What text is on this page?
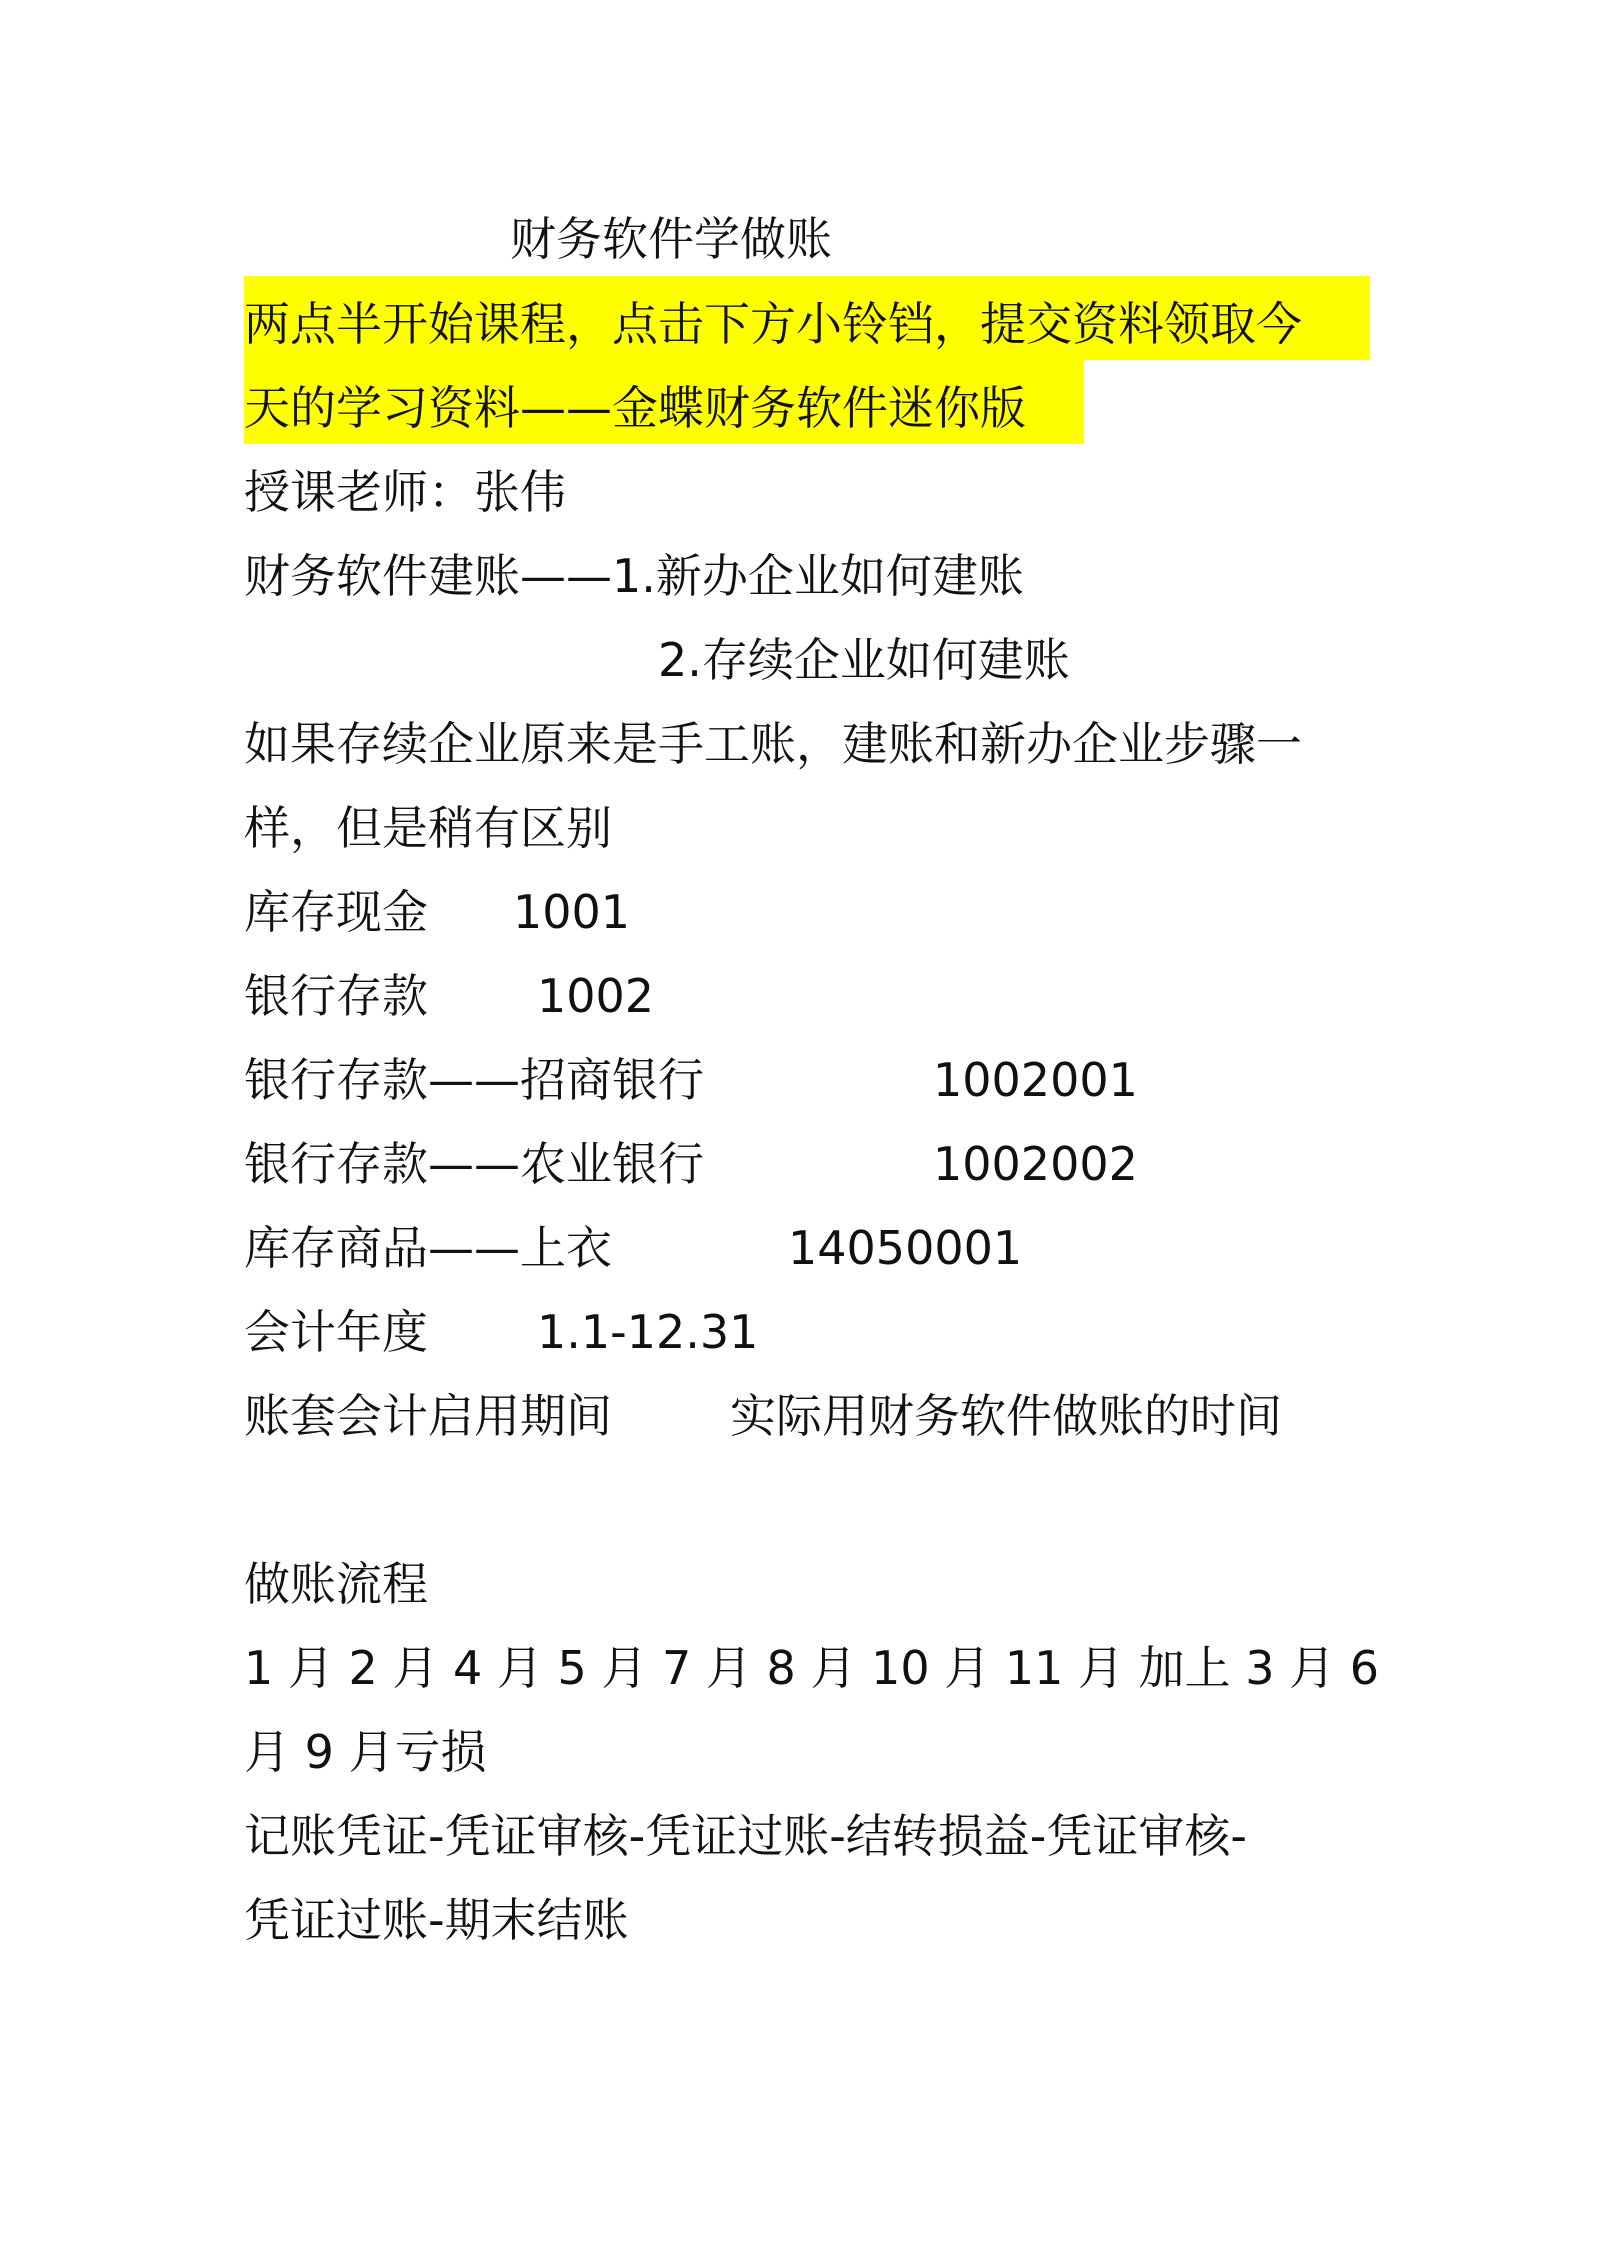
财务软件学做账
两点半开始课程，点击下方小铃铛，提交资料领取今
天的学习资料——金蝶财务软件迷你版
授课老师：张伟
财务软件建账——1.新办企业如何建账
2.存续企业如何建账
如果存续企业原来是手工账，建账和新办企业步骤一
样，但是稍有区别
库存现金 1001
银行存款 1002
银行存款——招商银行	1002001
银行存款——农业银行	1002002
库存商品——上衣	14050001
会计年度 1.1-12.31
账套会计启用期间	实际用财务软件做账的时间
做账流程
1 月 2 月 4 月 5 月 7 月 8 月 10 月 11 月 加上 3 月 6
月 9 月亏损
记账凭证-凭证审核-凭证过账-结转损益-凭证审核-
凭证过账-期末结账
